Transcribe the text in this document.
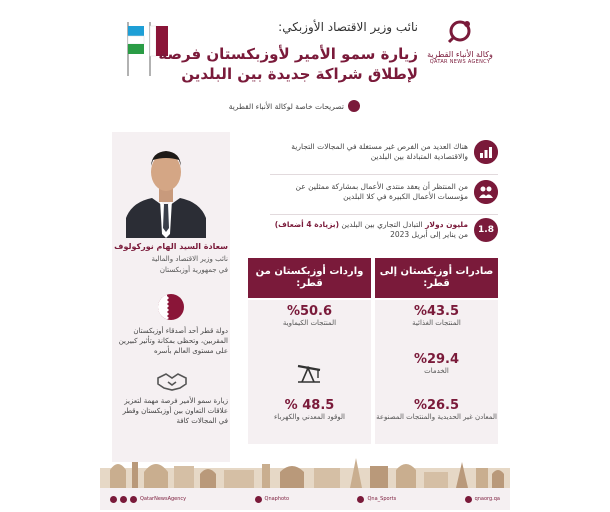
وكالة الأنباء القطرية
QATAR NEWS AGENCY
نائب وزير الاقتصاد الأوزبكي:
زيارة سمو الأمير لأوزبكستان فرصة لإطلاق شراكة جديدة بين البلدين
تصريحات خاصة لوكالة الأنباء القطرية
سعادة السيد الهام نوركولوف
نائب وزير الاقتصاد والمالية
في جمهورية أوزبكستان
دولة قطر أحد أصدقاء أوزبكستان المقربين، وتحظى بمكانة وتأثير كبيرين على مستوى العالم بأسره
زيارة سمو الأمير فرصة مهمة لتعزيز علاقات التعاون بين أوزبكستان وقطر في المجالات كافة
هناك العديد من الفرص غير مستغلة في المجالات التجارية والاقتصادية المتبادلة بين البلدين
من المنتظر أن يعقد منتدى الأعمال بمشاركة ممثلين عن مؤسسات الأعمال الكبيرة في كلا البلدين
1.8
مليون دولار التبادل التجاري بين البلدين (بزيادة 4 أضعاف) من يناير إلى أبريل 2023
صادرات أوزبكستان إلى قطر:
واردات أوزبكستان من قطر:
%43.5
المنتجات الغذائية
%29.4
الخدمات
%26.5
المعادن غير الحديدية والمنتجات المصنوعة
%50.6
المنتجات الكيماوية
% 48.5
الوقود المعدني والكهرباء
QatarNewsAgency	Qnaphoto	Qna_Sports	qnaorg.qa
